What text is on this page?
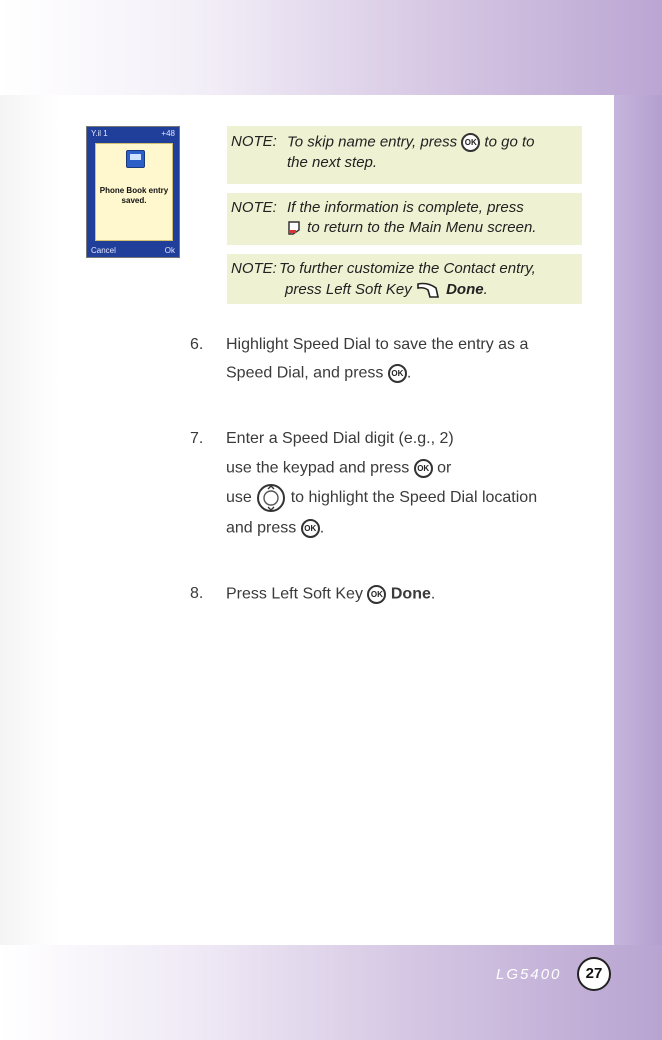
Y.il 1	+48
Phone Book entry saved.
Cancel	Ok
NOTE: To skip name entry, press OK to go to
the next step.
NOTE: If the information is complete, press
to return to the Main Menu screen.
NOTE: To further customize the Contact entry,
press Left Soft Key Done.
6. Highlight Speed Dial to save the entry as a
Speed Dial, and press OK .
7. Enter a Speed Dial digit (e.g., 2)
use the keypad and press OK or
use to highlight the Speed Dial location
and press OK .
8. Press Left Soft Key OK Done.
LG5400	27
